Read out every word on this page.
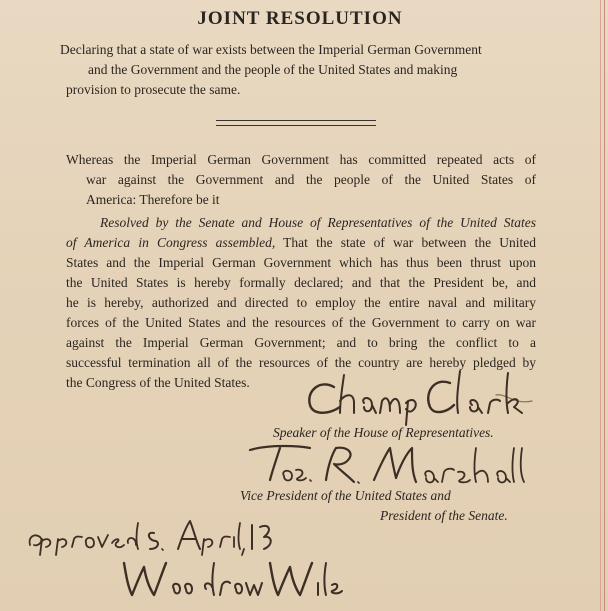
JOINT RESOLUTION
Declaring that a state of war exists between the Imperial German Government
and the Government and the people of the United States and making
provision to prosecute the same.
Whereas the Imperial German Government has committed repeated acts of
war against the Government and the people of the United States of
America: Therefore be it
Resolved by the Senate and House of Representatives of the United States
of America in Congress assembled, That the state of war between the United
States and the Imperial German Government which has thus been thrust upon
the United States is hereby formally declared; and that the President be, and
he is hereby, authorized and directed to employ the entire naval and military
forces of the United States and the resources of the Government to carry on war
against the Imperial German Government; and to bring the conflict to a
successful termination all of the resources of the country are hereby pledged by
the Congress of the United States.
Speaker of the House of Representatives.
Vice President of the United States and
President of the Senate.
